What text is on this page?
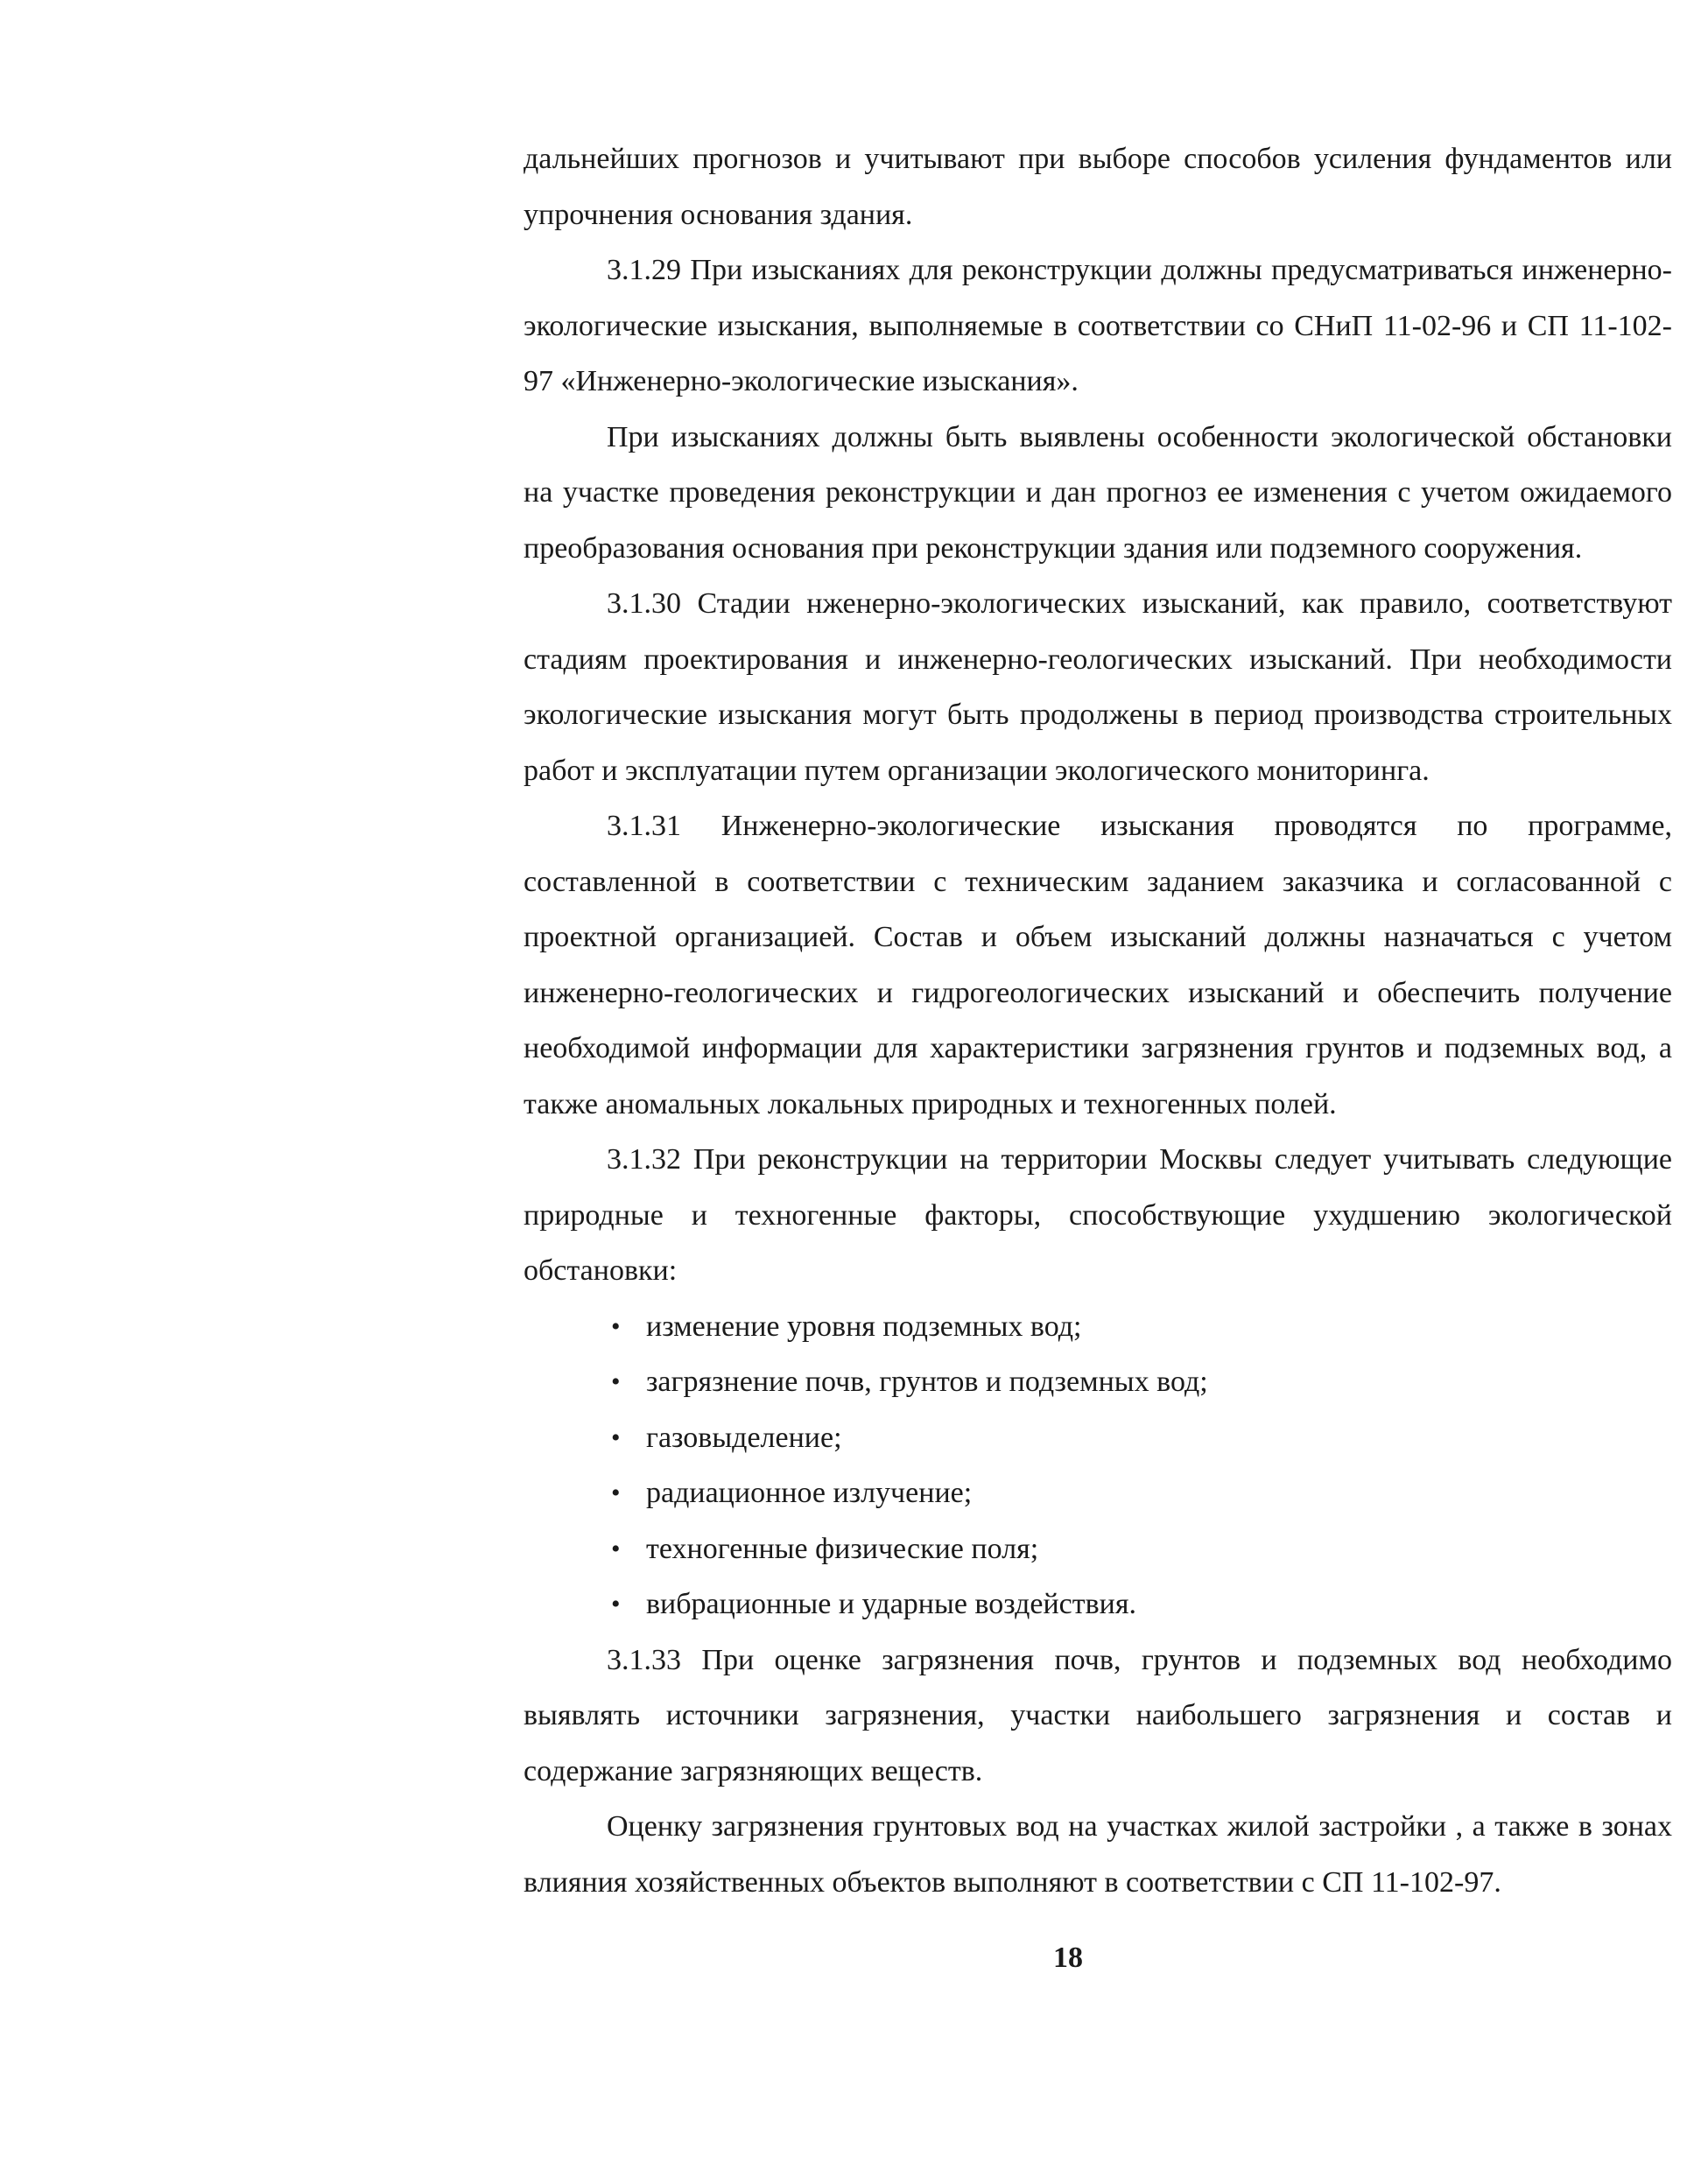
дальнейших прогнозов и учитывают при выборе способов усиления фундаментов или упрочнения основания здания.

3.1.29 При изысканиях для реконструкции должны предусматриваться инженерно- экологические изыскания, выполняемые в соответствии со СНиП 11-02-96 и СП 11-102-97 «Инженерно-экологические изыскания».

При изысканиях должны быть выявлены особенности экологической обстановки на участке проведения реконструкции и дан прогноз ее изменения с учетом ожидаемого преобразования основания при реконструкции здания или подземного сооружения.

3.1.30 Стадии нженерно-экологических изысканий, как правило, соответствуют стадиям проектирования и инженерно-геологических изысканий. При необходимости экологические изыскания могут быть продолжены в период производства строительных работ и эксплуатации путем организации экологического мониторинга.

3.1.31 Инженерно-экологические изыскания проводятся по программе, составленной в соответствии с техническим заданием заказчика и согласованной с проектной организацией. Состав и объем изысканий должны назначаться с учетом инженерно-геологических и гидрогеологических изысканий и обеспечить получение необходимой информации для характеристики загрязнения грунтов и подземных вод, а также аномальных локальных природных и техногенных полей.

3.1.32 При реконструкции на территории Москвы следует учитывать следующие природные и техногенные факторы, способствующие ухудшению экологической обстановки:

• изменение уровня подземных вод;
• загрязнение почв, грунтов и подземных вод;
• газовыделение;
• радиационное излучение;
• техногенные физические поля;
• вибрационные и ударные воздействия.

3.1.33 При оценке загрязнения почв, грунтов и подземных вод необходимо выявлять источники загрязнения, участки наибольшего загрязнения и состав и содержание загрязняющих веществ.

Оценку загрязнения грунтовых вод на участках жилой застройки , а также в зонах влияния хозяйственных объектов выполняют в соответствии с СП 11-102-97.

18
